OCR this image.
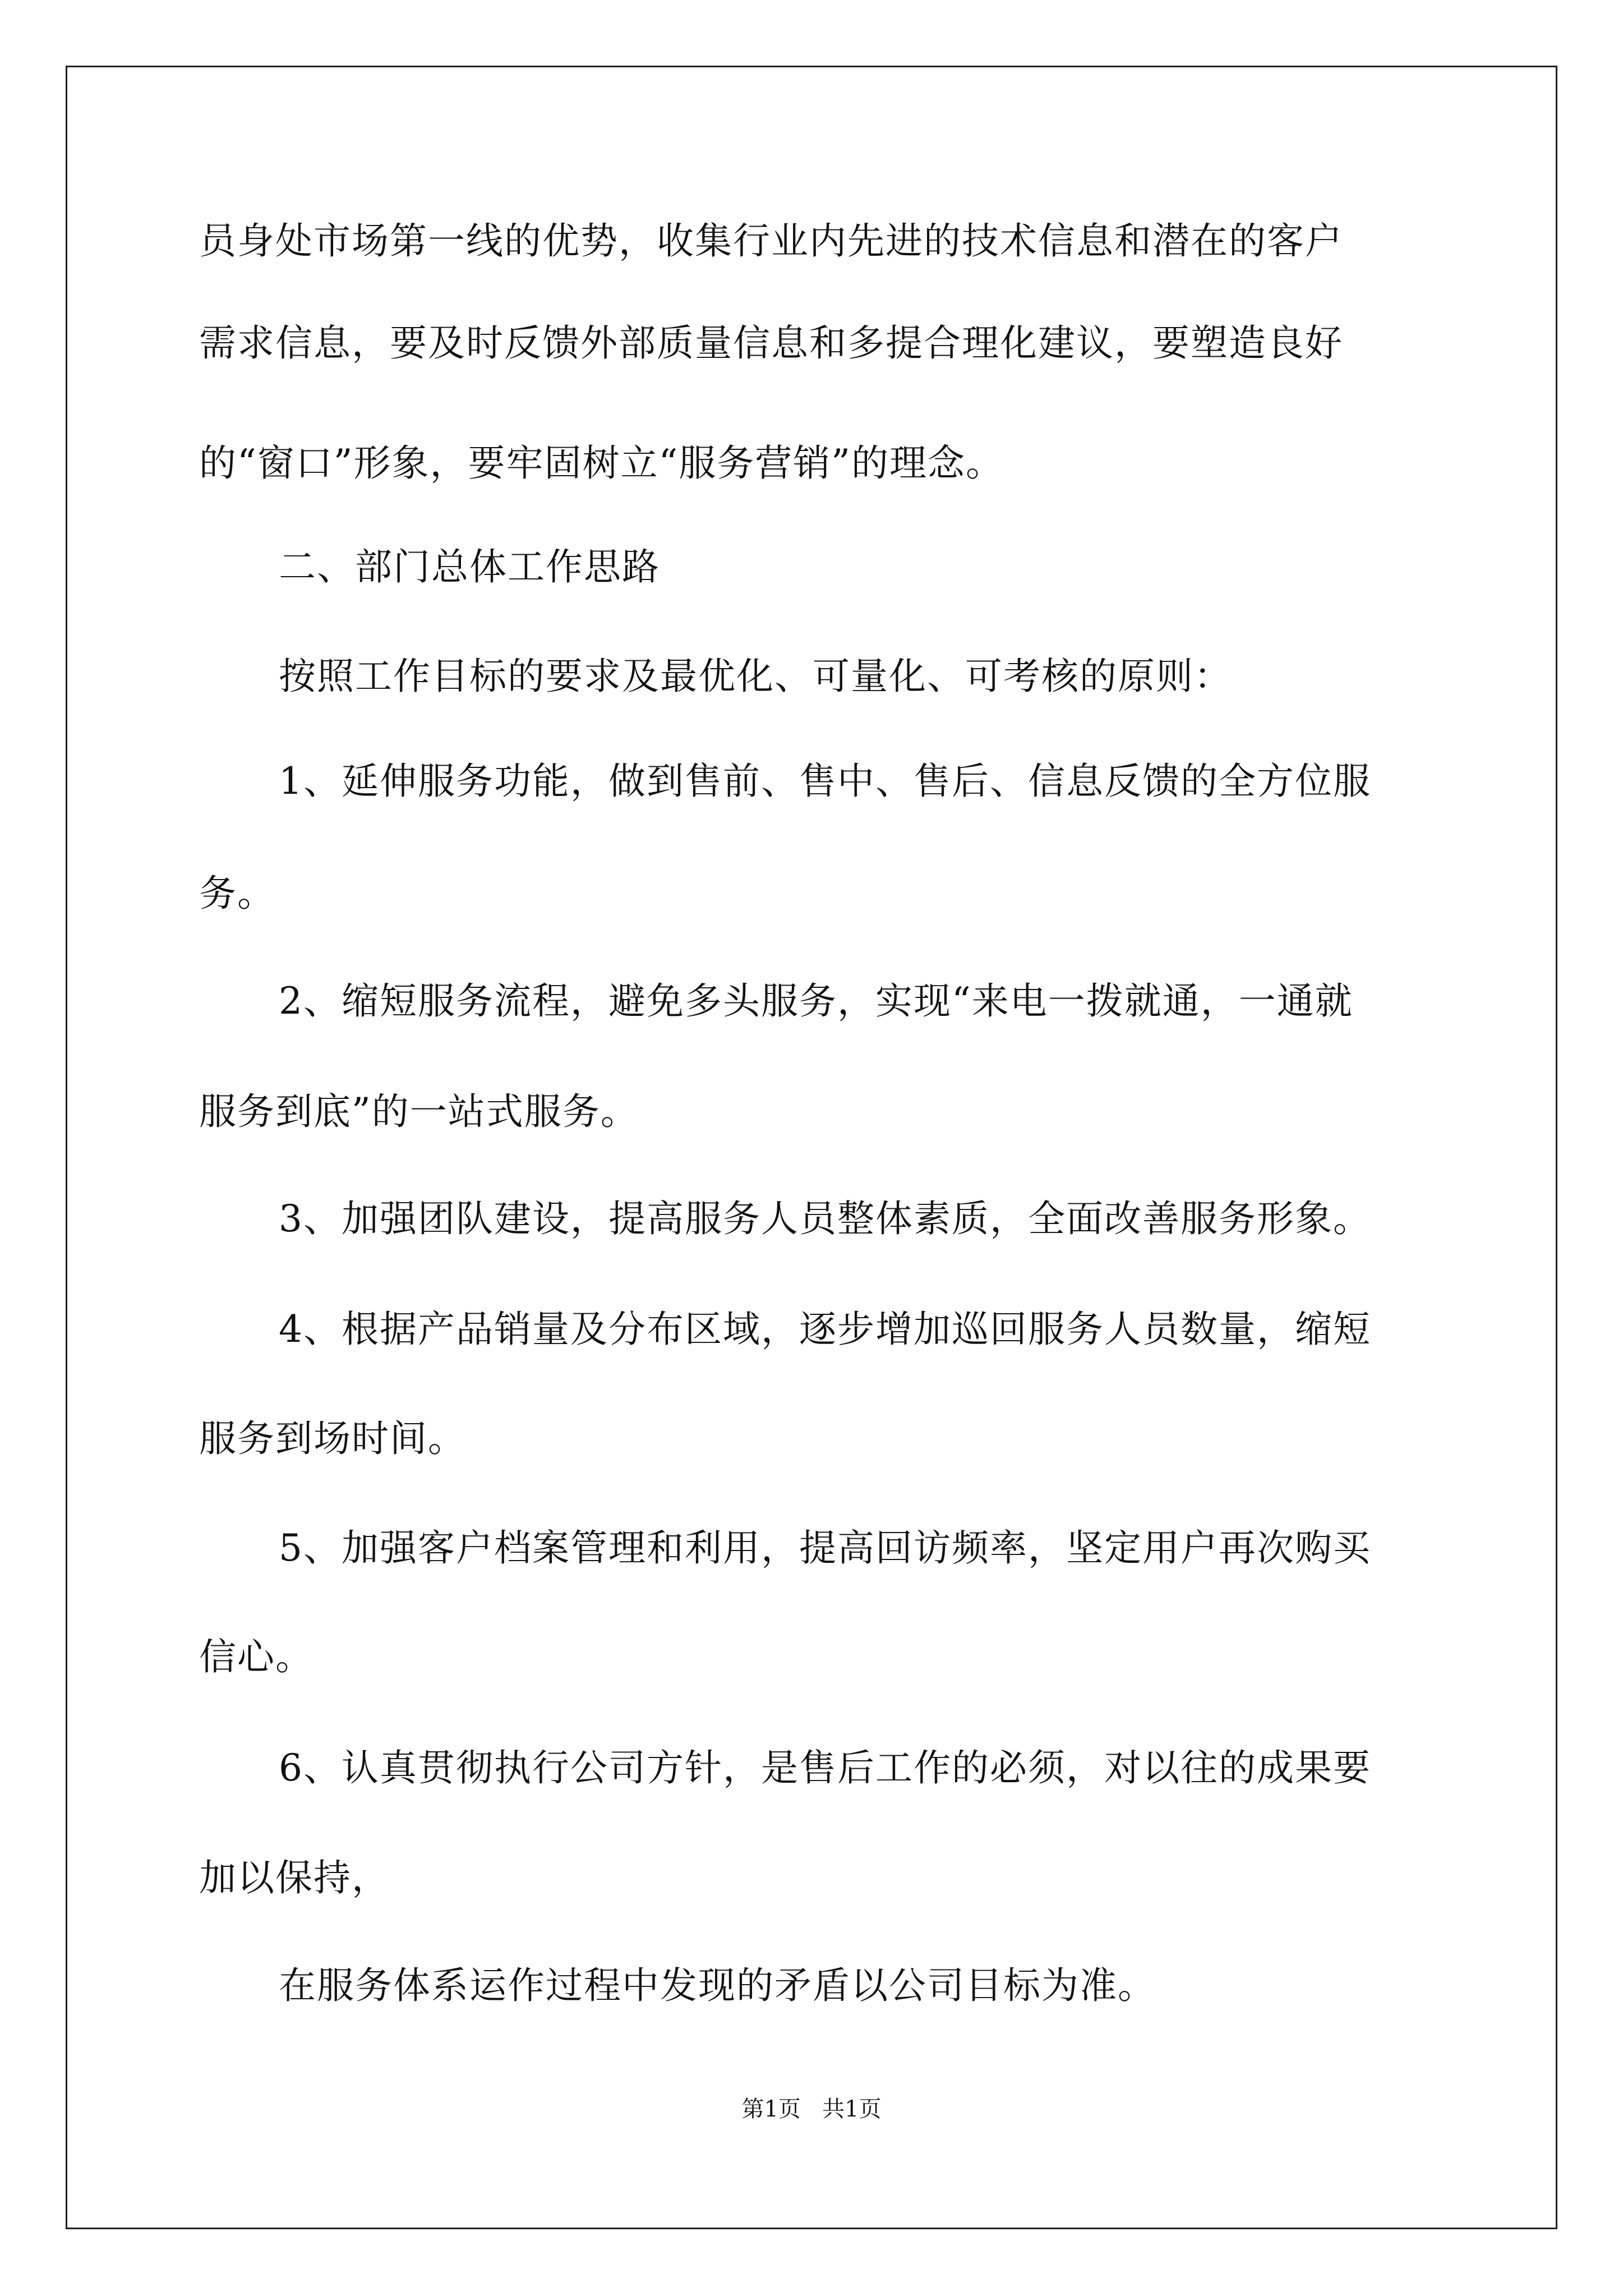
员身处市场第一线的优势，收集行业内先进的技术信息和潜在的客户
需求信息，要及时反馈外部质量信息和多提合理化建议，要塑造良好
的“窗口”形象，要牢固树立“服务营销”的理念。
二、部门总体工作思路
按照工作目标的要求及最优化、可量化、可考核的原则：
1、延伸服务功能，做到售前、售中、售后、信息反馈的全方位服
务。
2、缩短服务流程，避免多头服务，实现“来电一拨就通，一通就
服务到底”的一站式服务。
3、加强团队建设，提高服务人员整体素质，全面改善服务形象。
4、根据产品销量及分布区域，逐步增加巡回服务人员数量，缩短
服务到场时间。
5、加强客户档案管理和利用，提高回访频率，坚定用户再次购买
信心。
6、认真贯彻执行公司方针，是售后工作的必须，对以往的成果要
加以保持，
在服务体系运作过程中发现的矛盾以公司目标为准。
第1页   共1页
